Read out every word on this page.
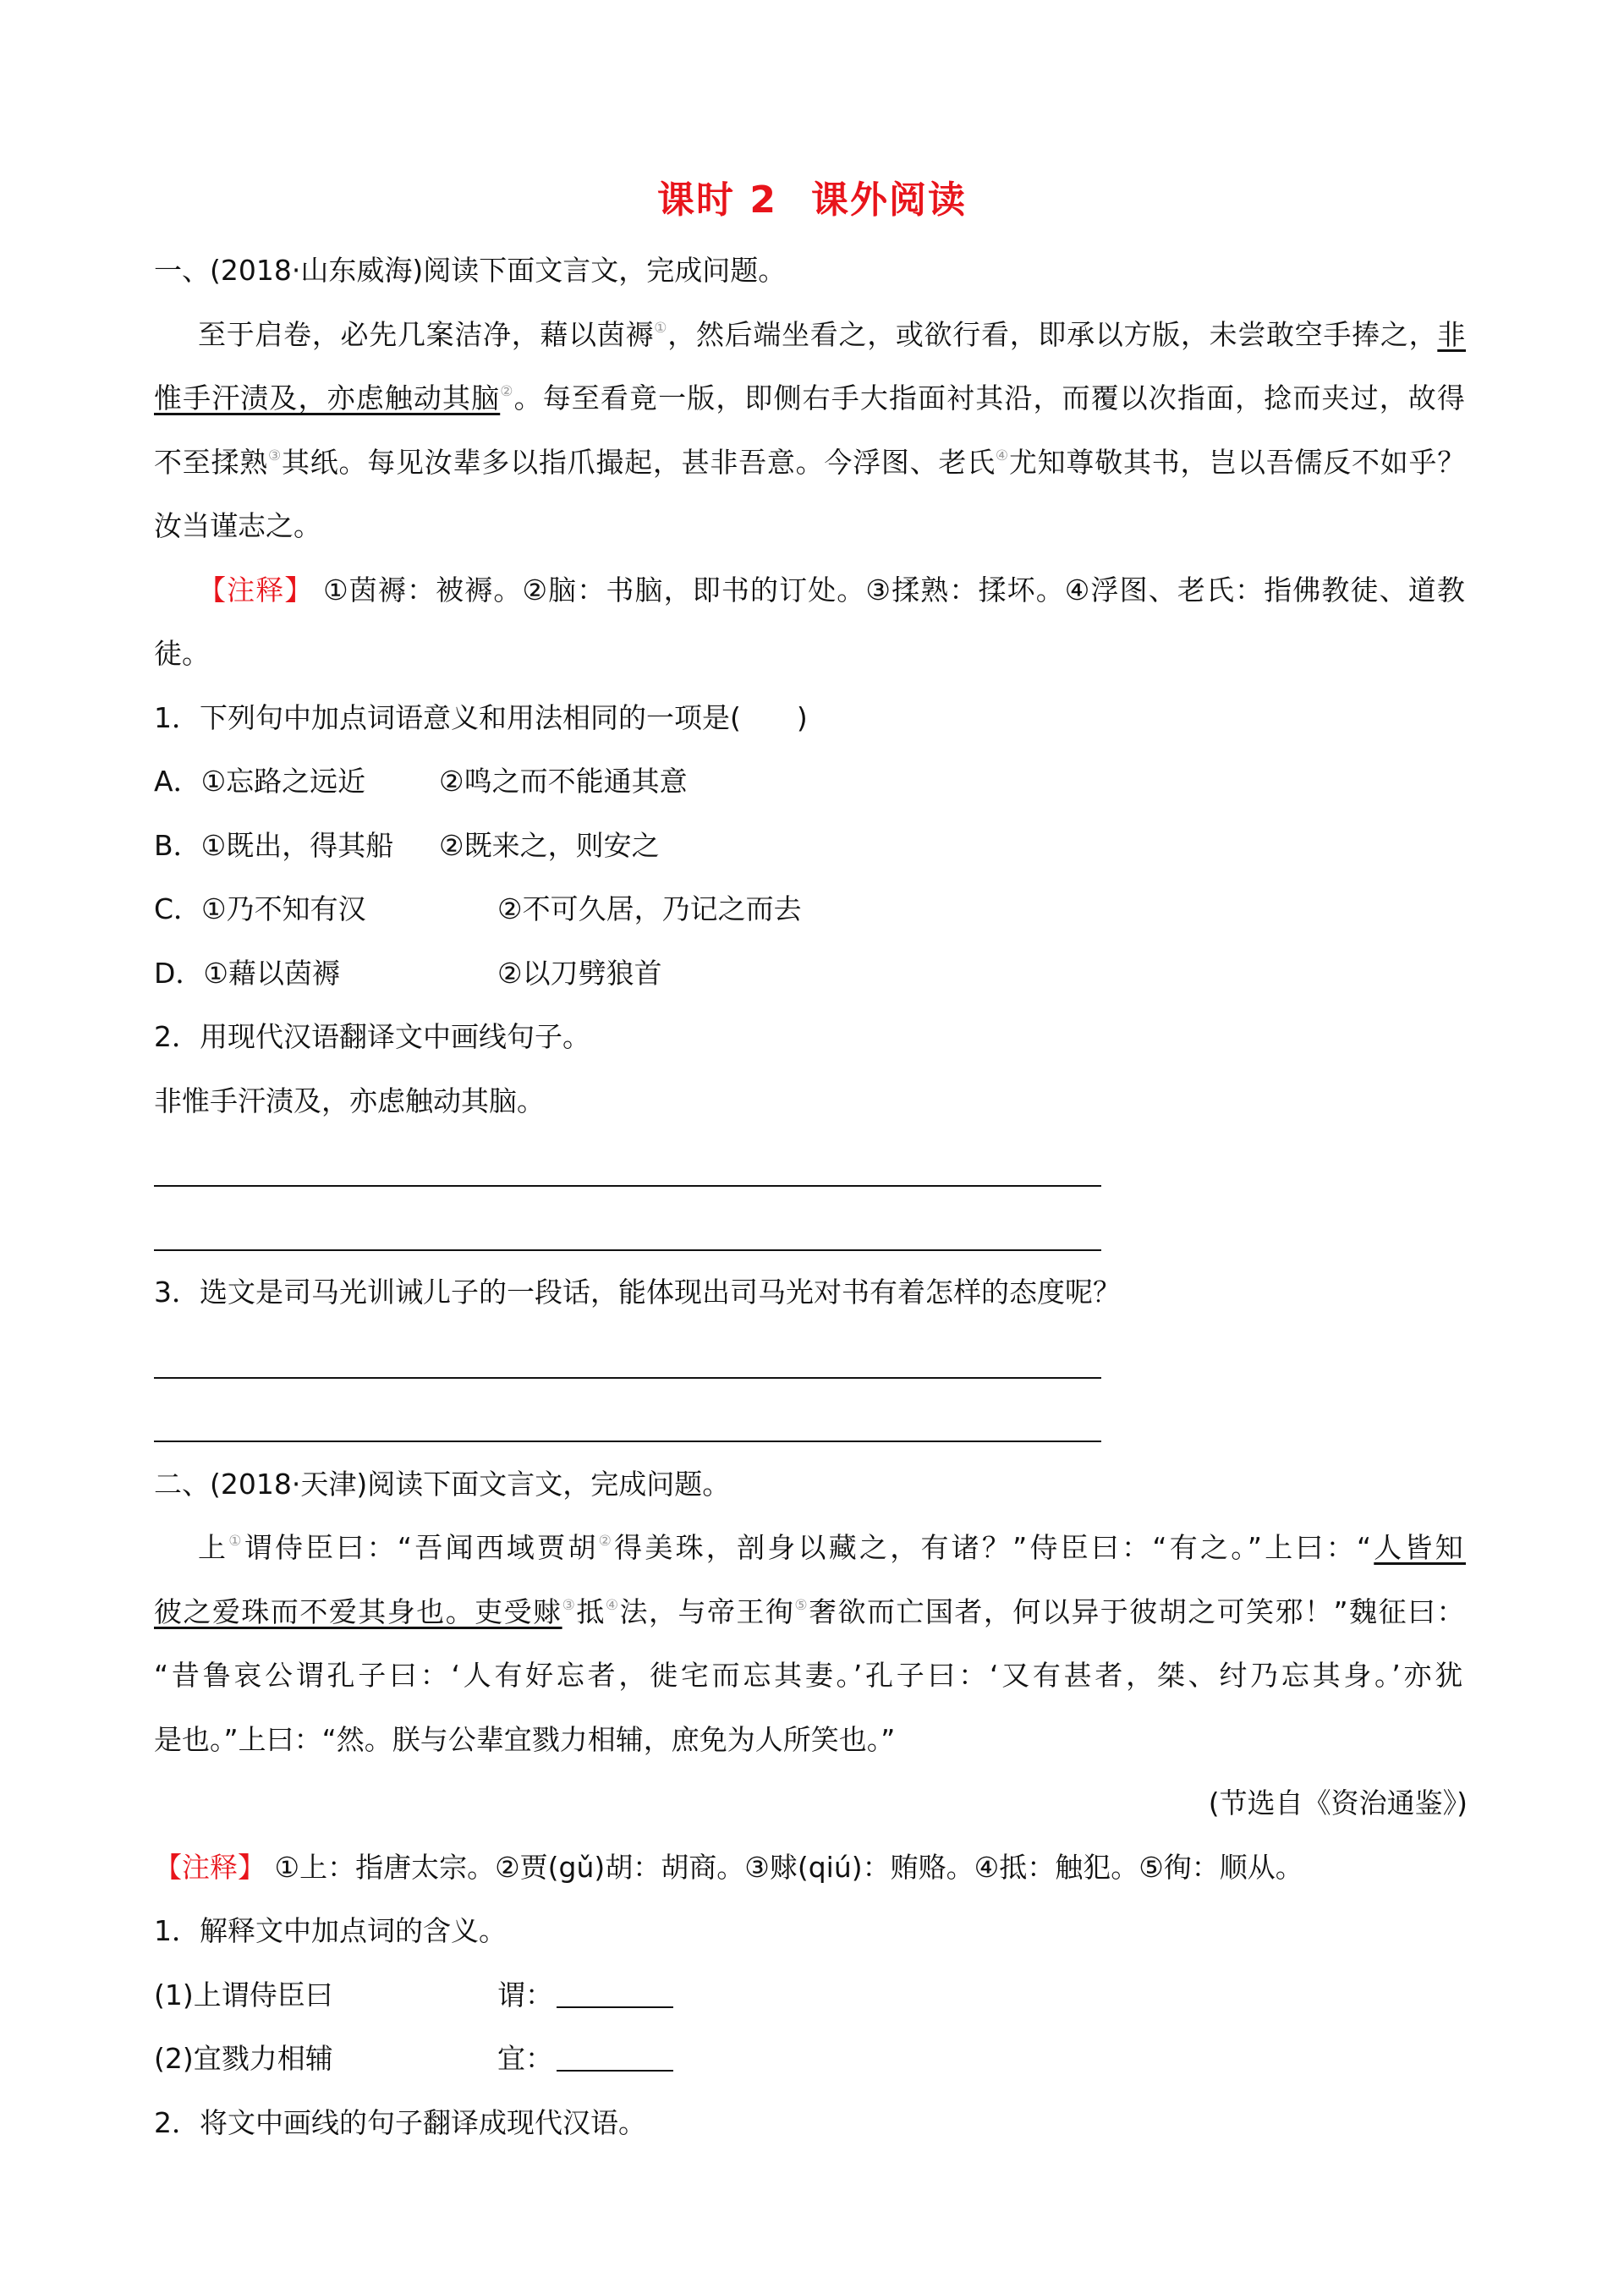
课时 2 课外阅读
一、(2018·山东威海)阅读下面文言文，完成问题。
至于启卷，必先几案洁净，藉以茵褥①，然后端坐看之，或欲行看，即承以方版，未尝敢空手捧之，非
惟手汗渍及，亦虑触动其脑②。每至看竟一版，即侧右手大指面衬其沿，而覆以次指面，捻而夹过，故得
不至揉熟③其纸。每见汝辈多以指爪撮起，甚非吾意。今浮图、老氏④尤知尊敬其书，岂以吾儒反不如乎？
汝当谨志之。
【注释】 ①茵褥：被褥。②脑：书脑，即书的订处。③揉熟：揉坏。④浮图、老氏：指佛教徒、道教
徒。
1．下列句中加点词语意义和用法相同的一项是(　　)
A．①忘路之远近	②鸣之而不能通其意
B．①既出，得其船 ②既来之，则安之
C．①乃不知有汉	②不可久居，乃记之而去
D．①藉以茵褥	②以刀劈狼首
2．用现代汉语翻译文中画线句子。
非惟手汗渍及，亦虑触动其脑。
3．选文是司马光训诫儿子的一段话，能体现出司马光对书有着怎样的态度呢？
二、(2018·天津)阅读下面文言文，完成问题。
上①谓侍臣曰：“吾闻西域贾胡②得美珠，剖身以藏之，有诸？”侍臣曰：“有之。”上曰：“人皆知
彼之爱珠而不爱其身也。吏受赇③抵④法，与帝王徇⑤奢欲而亡国者，何以异于彼胡之可笑邪！”魏征曰：
“昔鲁哀公谓孔子曰：‘人有好忘者，徙宅而忘其妻。’孔子曰：‘又有甚者，桀、纣乃忘其身。’亦犹
是也。”上曰：“然。朕与公辈宜戮力相辅，庶免为人所笑也。”
(节选自《资治通鉴》)
【注释】 ①上：指唐太宗。②贾(gǔ)胡：胡商。③赇(qiú)：贿赂。④抵：触犯。⑤徇：顺从。
1．解释文中加点词的含义。
(1)上谓侍臣曰	谓：
(2)宜戮力相辅	宜：
2．将文中画线的句子翻译成现代汉语。
